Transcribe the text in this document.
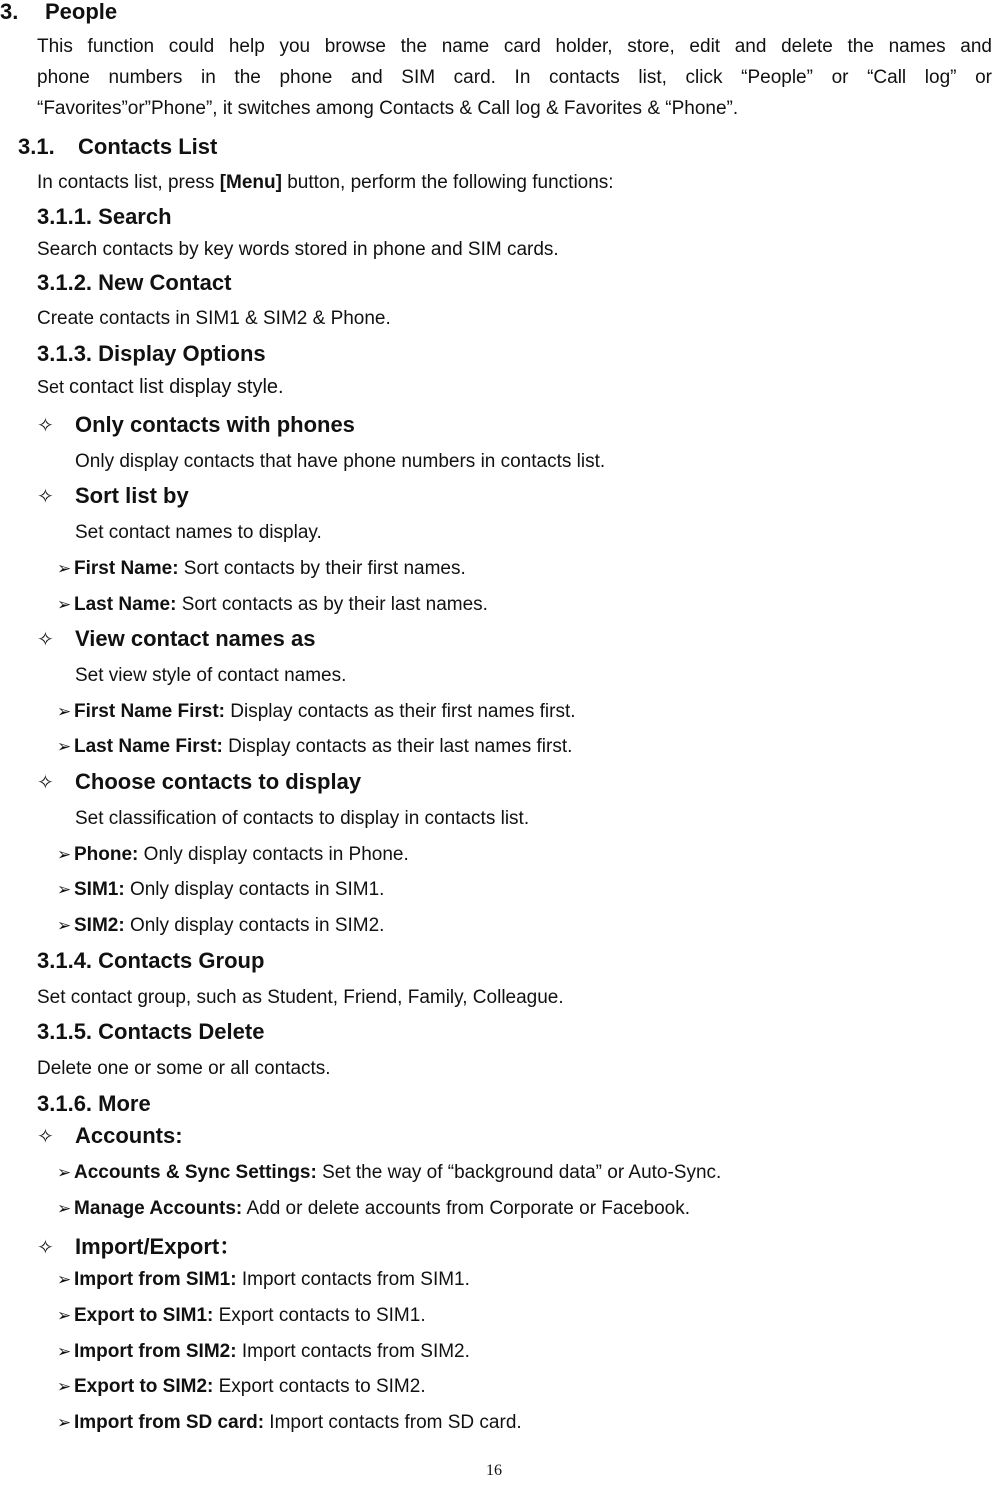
3. People
This function could help you browse the name card holder, store, edit and delete the names and
phone numbers in the phone and SIM card. In contacts list, click “People” or “Call log” or
“Favorites”or”Phone”, it switches among Contacts & Call log & Favorites & “Phone”.
3.1. Contacts List
In contacts list, press [Menu] button, perform the following functions:
3.1.1. Search
Search contacts by key words stored in phone and SIM cards.
3.1.2. New Contact
Create contacts in SIM1 & SIM2 & Phone.
3.1.3. Display Options
Set contact list display style.
✧ Only contacts with phones
Only display contacts that have phone numbers in contacts list.
✧ Sort list by
Set contact names to display.
➢ First Name: Sort contacts by their first names.
➢ Last Name: Sort contacts as by their last names.
✧ View contact names as
Set view style of contact names.
➢ First Name First: Display contacts as their first names first.
➢ Last Name First: Display contacts as their last names first.
✧ Choose contacts to display
Set classification of contacts to display in contacts list.
➢ Phone: Only display contacts in Phone.
➢ SIM1: Only display contacts in SIM1.
➢ SIM2: Only display contacts in SIM2.
3.1.4. Contacts Group
Set contact group, such as Student, Friend, Family, Colleague.
3.1.5. Contacts Delete
Delete one or some or all contacts.
3.1.6. More
✧ Accounts:
➢ Accounts & Sync Settings: Set the way of “background data” or Auto-Sync.
➢ Manage Accounts: Add or delete accounts from Corporate or Facebook.
✧ Import/Export：
➢ Import from SIM1: Import contacts from SIM1.
➢ Export to SIM1: Export contacts to SIM1.
➢ Import from SIM2: Import contacts from SIM2.
➢ Export to SIM2: Export contacts to SIM2.
➢ Import from SD card: Import contacts from SD card.
16
